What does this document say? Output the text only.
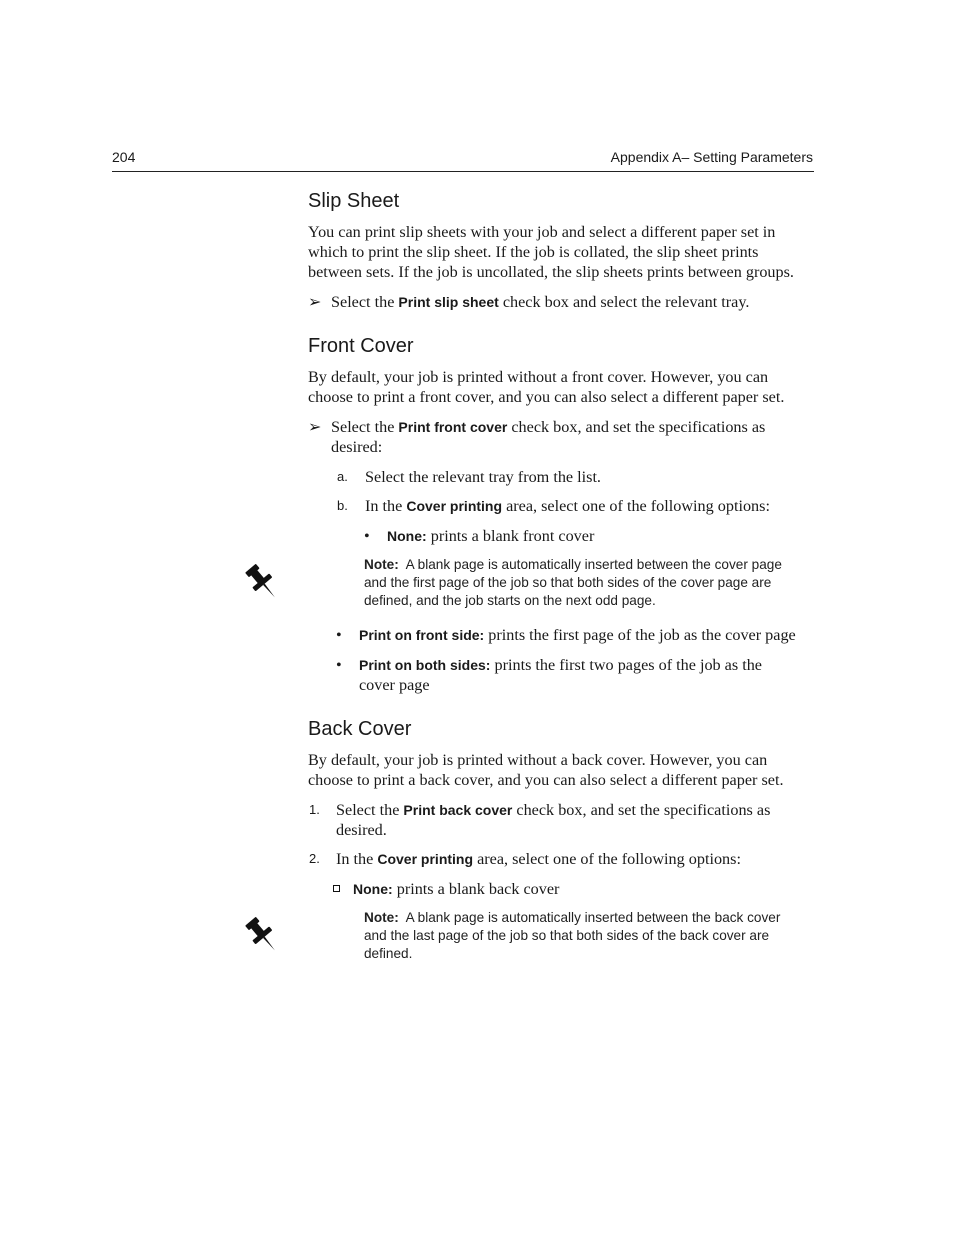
204	Appendix A– Setting Parameters
Slip Sheet
You can print slip sheets with your job and select a different paper set in
which to print the slip sheet. If the job is collated, the slip sheet prints
between sets. If the job is uncollated, the slip sheets prints between groups.
➢ Select the Print slip sheet check box and select the relevant tray.
Front Cover
By default, your job is printed without a front cover. However, you can
choose to print a front cover, and you can also select a different paper set.
➢ Select the Print front cover check box, and set the specifications as
desired:
a. Select the relevant tray from the list.
b. In the Cover printing area, select one of the following options:
• None: prints a blank front cover
Note: A blank page is automatically inserted between the cover page
and the first page of the job so that both sides of the cover page are
defined, and the job starts on the next odd page.
• Print on front side: prints the first page of the job as the cover page
• Print on both sides: prints the first two pages of the job as the
cover page
Back Cover
By default, your job is printed without a back cover. However, you can
choose to print a back cover, and you can also select a different paper set.
1. Select the Print back cover check box, and set the specifications as
desired.
2. In the Cover printing area, select one of the following options:
None: prints a blank back cover
Note: A blank page is automatically inserted between the back cover
and the last page of the job so that both sides of the back cover are
defined.
